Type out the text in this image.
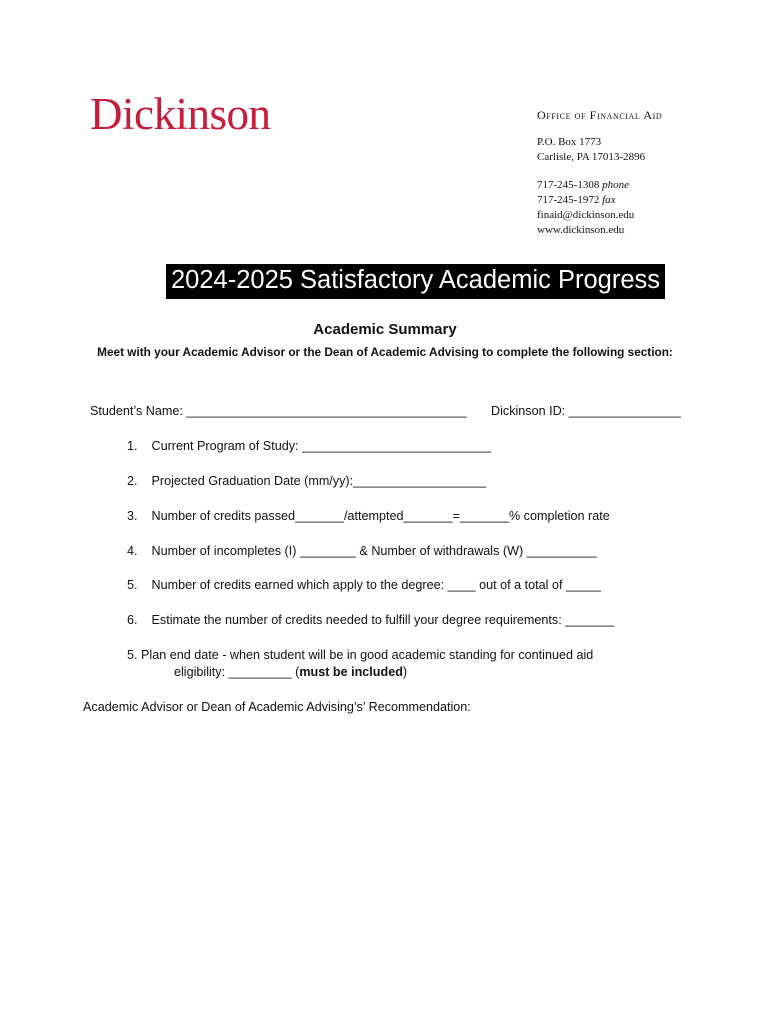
Dickinson	Office of Financial Aid
P.O. Box 1773
Carlisle, PA 17013-2896
717-245-1308 phone
717-245-1972 fax
finaid@dickinson.edu
www.dickinson.edu
2024-2025 Satisfactory Academic Progress
Academic Summary
Meet with your Academic Advisor or the Dean of Academic Advising to complete the following section:
Student’s Name: ________________________________________ Dickinson ID: ________________
1. Current Program of Study: ___________________________
2. Projected Graduation Date (mm/yy):___________________
3. Number of credits passed_______/attempted_______=_______% completion rate
4. Number of incompletes (I) ________ & Number of withdrawals (W) __________
5. Number of credits earned which apply to the degree: ____ out of a total of _____
6. Estimate the number of credits needed to fulfill your degree requirements: _______
5. Plan end date - when student will be in good academic standing for continued aid
eligibility: _________ (must be included)
Academic Advisor or Dean of Academic Advising’s’ Recommendation:
